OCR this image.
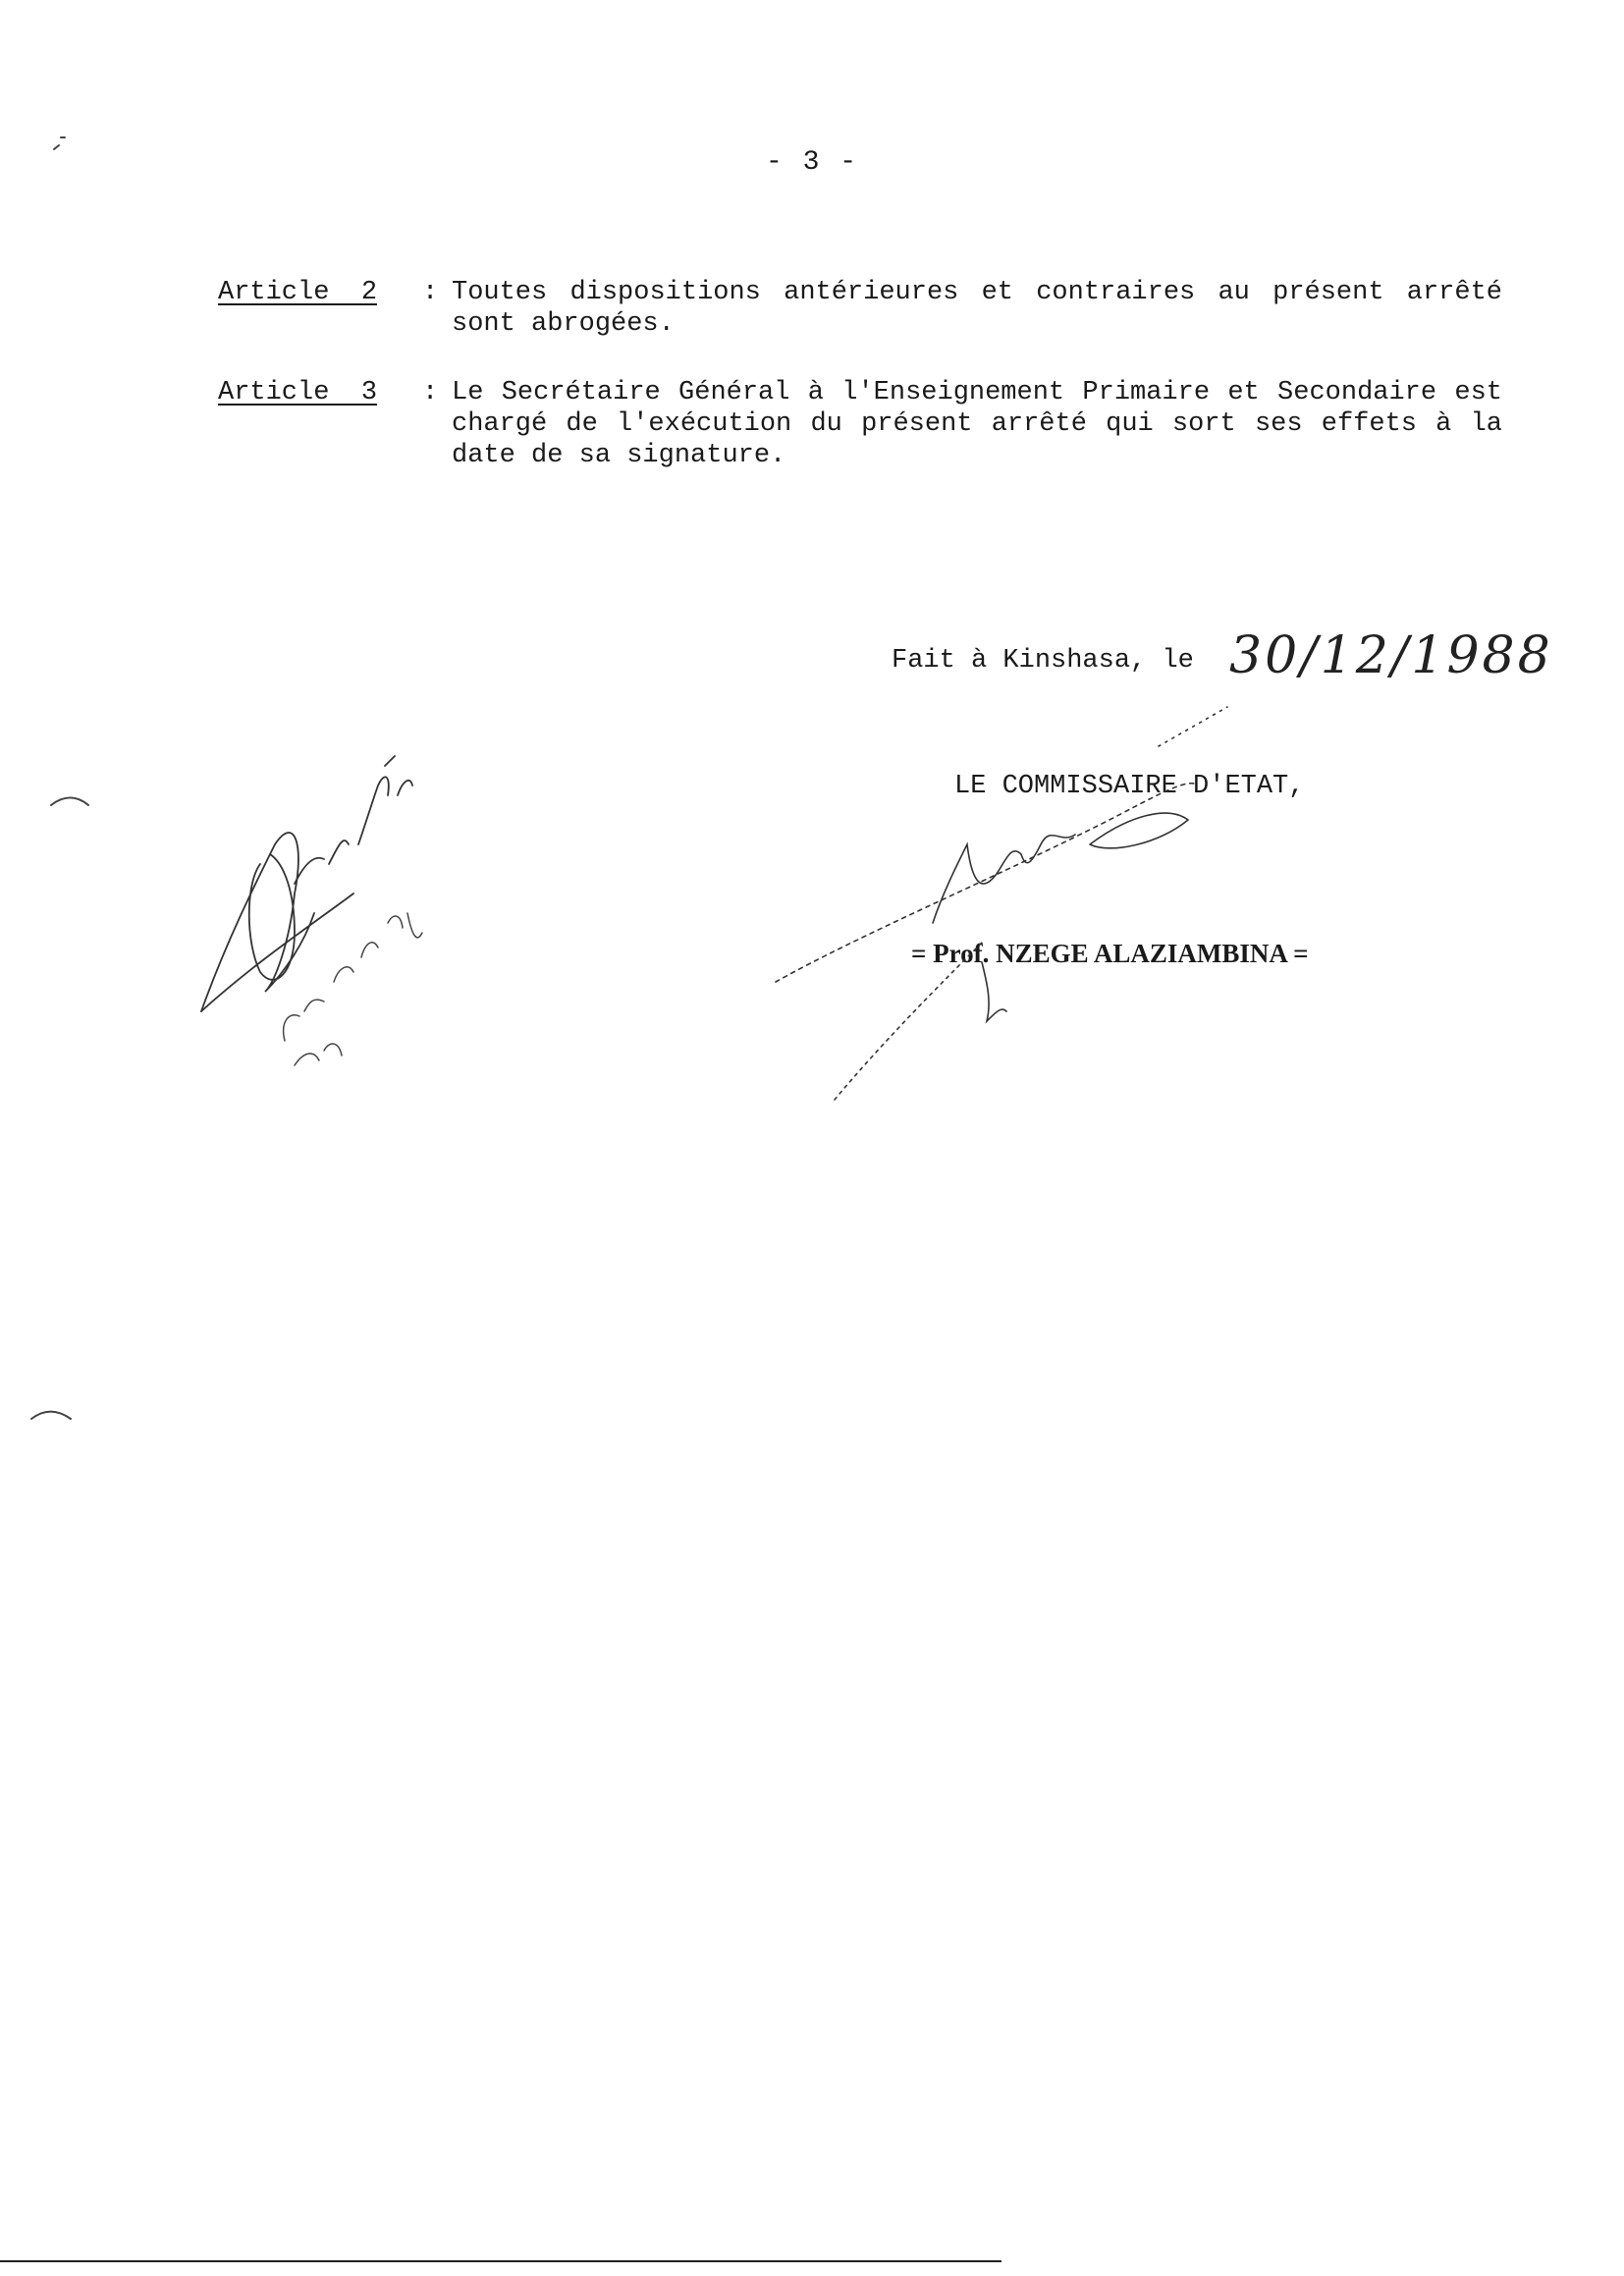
- 3 -
Article  2 : Toutes dispositions antérieures et contraires au présent arrêté sont abrogées.
Article  3 : Le Secrétaire Général à l'Enseignement Primaire et Secondaire est chargé de l'exécution du présent arrêté qui sort ses effets à la date de sa signature.
Fait à Kinshasa, le 30/12/1988
LE COMMISSAIRE D'ETAT,
= Prof. NZEGE ALAZIAMBINA =
